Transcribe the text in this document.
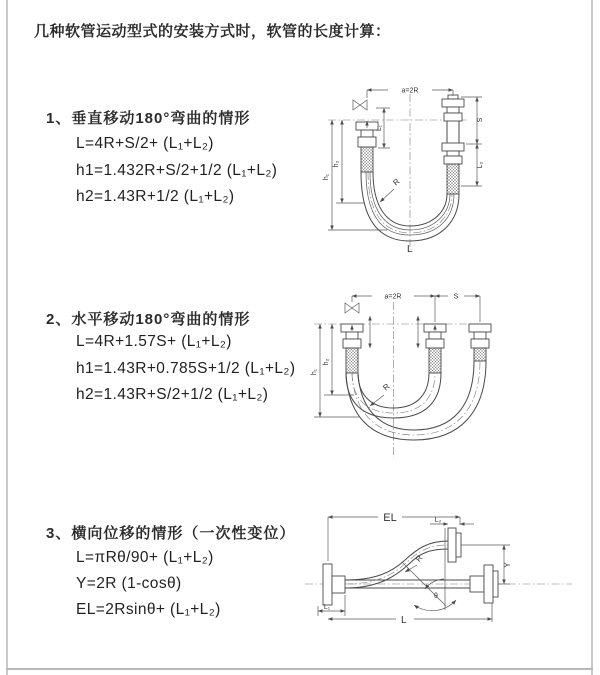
几种软管运动型式的安装方式时，软管的长度计算：
1、垂直移动180°弯曲的情形
L=4R+S/2+ (L₁+L₂)
h1=1.432R+S/2+1/2 (L₁+L₂)
h2=1.43R+1/2 (L₁+L₂)
a=2R
h₁
h₂
L₁
S
L₂
R
L
2、水平移动180°弯曲的情形
L=4R+1.57S+ (L₁+L₂)
h1=1.43R+0.785S+1/2 (L₁+L₂)
h2=1.43R+S/2+1/2 (L₁+L₂)
a=2R	S
h₁
h₂
R
3、横向位移的情形（一次性变位）
L=πRθ/90+ (L₁+L₂)
Y=2R (1-cosθ)
EL=2Rsinθ+ (L₁+L₂)
EL	L₂
Y
θ
R
L₁
L
